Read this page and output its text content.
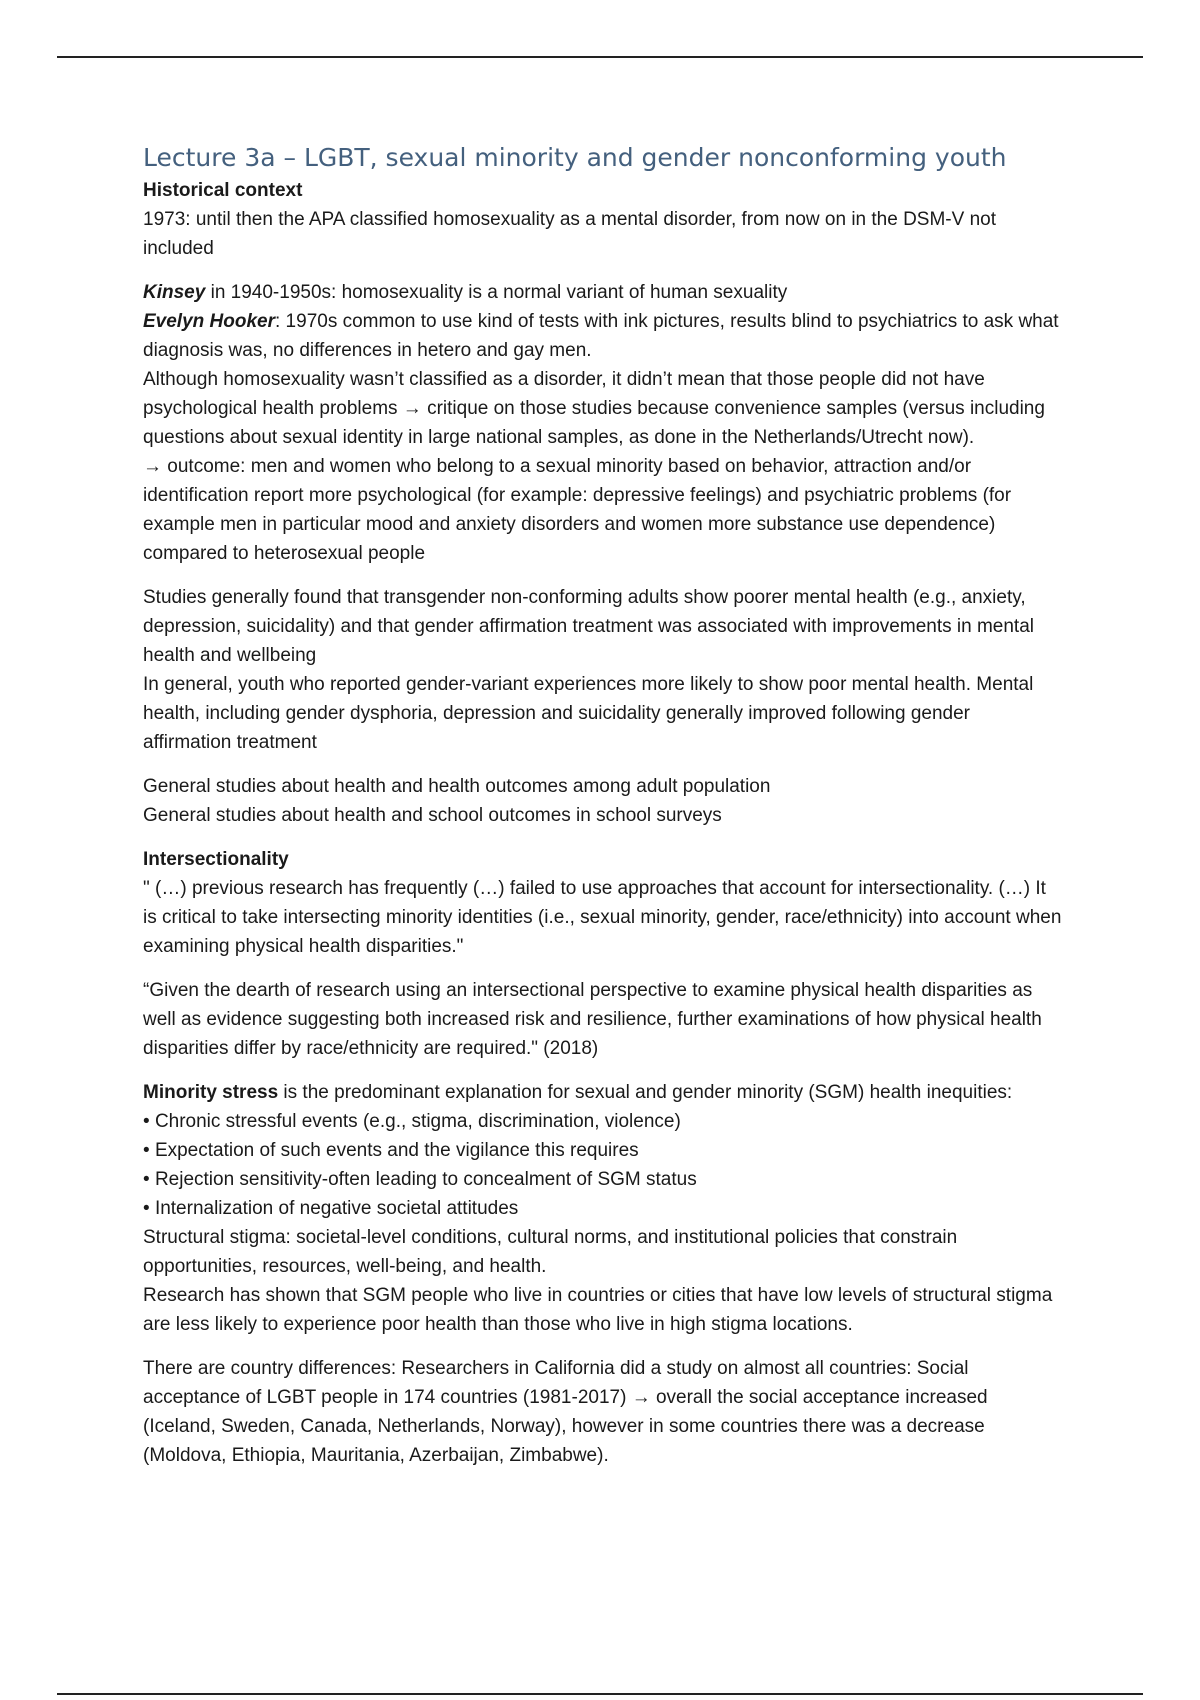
Lecture 3a – LGBT, sexual minority and gender nonconforming youth

Historical context

1973: until then the APA classified homosexuality as a mental disorder, from now on in the DSM-V not included

Kinsey in 1940-1950s: homosexuality is a normal variant of human sexuality

Evelyn Hooker: 1970s common to use kind of tests with ink pictures, results blind to psychiatrics to ask what diagnosis was, no differences in hetero and gay men.

Although homosexuality wasn’t classified as a disorder, it didn’t mean that those people did not have psychological health problems → critique on those studies because convenience samples (versus including questions about sexual identity in large national samples, as done in the Netherlands/Utrecht now).

→ outcome: men and women who belong to a sexual minority based on behavior, attraction and/or identification report more psychological (for example: depressive feelings) and psychiatric problems (for example men in particular mood and anxiety disorders and women more substance use dependence) compared to heterosexual people

Studies generally found that transgender non-conforming adults show poorer mental health (e.g., anxiety, depression, suicidality) and that gender affirmation treatment was associated with improvements in mental health and wellbeing

In general, youth who reported gender-variant experiences more likely to show poor mental health. Mental health, including gender dysphoria, depression and suicidality generally improved following gender affirmation treatment

General studies about health and health outcomes among adult population

General studies about health and school outcomes in school surveys

Intersectionality

" (…) previous research has frequently (…) failed to use approaches that account for intersectionality. (…) It is critical to take intersecting minority identities (i.e., sexual minority, gender, race/ethnicity) into account when examining physical health disparities."

“Given the dearth of research using an intersectional perspective to examine physical health disparities as well as evidence suggesting both increased risk and resilience, further examinations of how physical health disparities differ by race/ethnicity are required." (2018)

Minority stress is the predominant explanation for sexual and gender minority (SGM) health inequities:

• Chronic stressful events (e.g., stigma, discrimination, violence)
• Expectation of such events and the vigilance this requires
• Rejection sensitivity-often leading to concealment of SGM status
• Internalization of negative societal attitudes

Structural stigma: societal-level conditions, cultural norms, and institutional policies that constrain opportunities, resources, well-being, and health.

Research has shown that SGM people who live in countries or cities that have low levels of structural stigma are less likely to experience poor health than those who live in high stigma locations.

There are country differences: Researchers in California did a study on almost all countries: Social acceptance of LGBT people in 174 countries (1981-2017) → overall the social acceptance increased (Iceland, Sweden, Canada, Netherlands, Norway), however in some countries there was a decrease (Moldova, Ethiopia, Mauritania, Azerbaijan, Zimbabwe).
